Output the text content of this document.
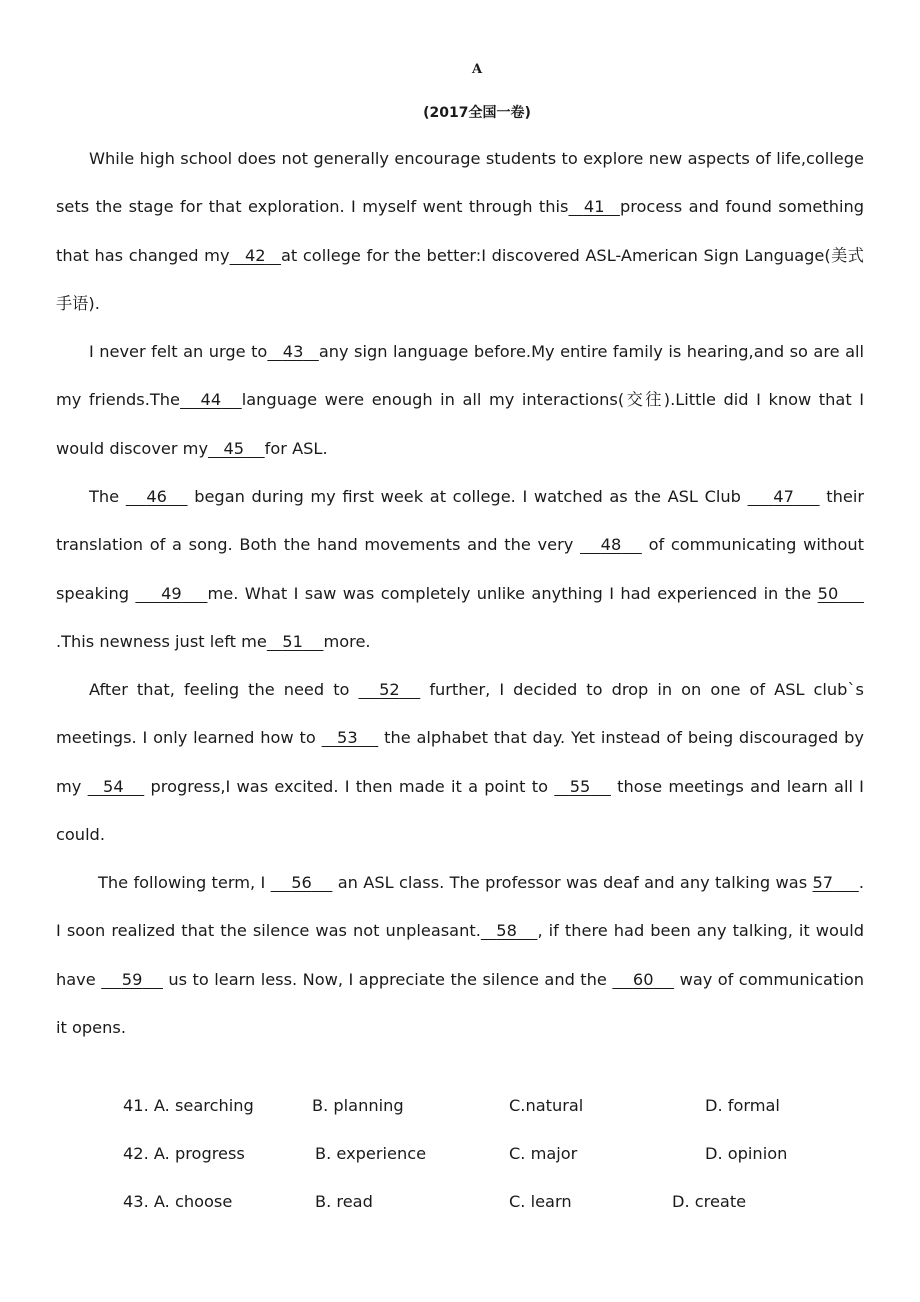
A
(2017全国一卷)
While high school does not generally encourage students to explore new aspects of life,college sets the stage for that exploration. I myself went through this 41 process and found something that has changed my 42 at college for the better:I discovered ASL-American Sign Language(美式手语).
I never felt an urge to 43 any sign language before.My entire family is hearing,and so are all my friends.The 44 language were enough in all my interactions(交往).Little did I know that I would discover my 45 for ASL.
The 46 began during my first week at college. I watched as the ASL Club 47 their translation of a song. Both the hand movements and the very 48 of communicating without speaking 49 me. What I saw was completely unlike anything I had experienced in the 50     .This newness just left me 51 more.
After that, feeling the need to 52 further, I decided to drop in on one of ASL club`s meetings. I only learned how to 53 the alphabet that day. Yet instead of being discouraged by my 54 progress,I was excited. I then made it a point to 55 those meetings and learn all I could.
The following term, I 56 an ASL class. The professor was deaf and any talking was 57 . I soon realized that the silence was not unpleasant. 58 , if there had been any talking, it would have 59 us to learn less. Now, I appreciate the silence and the 60 way of communication it opens.
41. A. searching	B. planning	C.natural	D. formal
42. A. progress	B. experience	C. major	D. opinion
43. A. choose	B. read	C. learn	D. create
